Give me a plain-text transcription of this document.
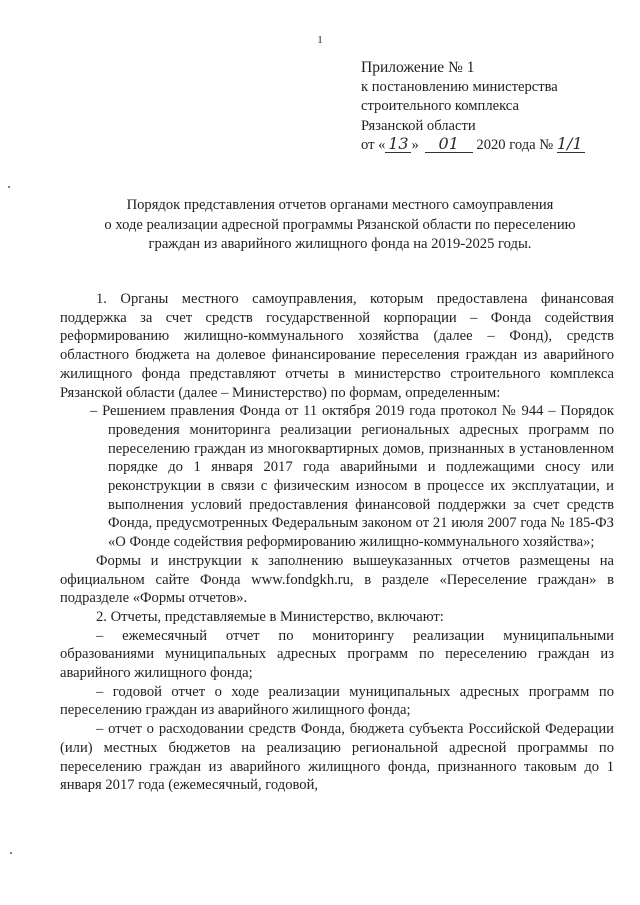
1
Приложение № 1
к постановлению министерства
строительного комплекса
Рязанской области
от « 13 » 01 2020 года № 1/1
Порядок представления отчетов органами местного самоуправления
о ходе реализации адресной программы Рязанской области по переселению
граждан из аварийного жилищного фонда на 2019-2025 годы.

1. Органы местного самоуправления, которым предоставлена финансовая поддержка за счет средств государственной корпорации – Фонда содействия реформированию жилищно-коммунального хозяйства (далее – Фонд), средств областного бюджета на долевое финансирование переселения граждан из аварийного жилищного фонда представляют отчеты в министерство строительного комплекса Рязанской области (далее – Министерство) по формам, определенным:

– Решением правления Фонда от 11 октября 2019 года протокол № 944 – Порядок проведения мониторинга реализации региональных адресных программ по переселению граждан из многоквартирных домов, признанных в установленном порядке до 1 января 2017 года аварийными и подлежащими сносу или реконструкции в связи с физическим износом в процессе их эксплуатации, и выполнения условий предоставления финансовой поддержки за счет средств Фонда, предусмотренных Федеральным законом от 21 июля 2007 года № 185-ФЗ «О Фонде содействия реформированию жилищно-коммунального хозяйства»;

Формы и инструкции к заполнению вышеуказанных отчетов размещены на официальном сайте Фонда www.fondgkh.ru, в разделе «Переселение граждан» в подразделе «Формы отчетов».

2. Отчеты, представляемые в Министерство, включают:

– ежемесячный отчет по мониторингу реализации муниципальными образованиями муниципальных адресных программ по переселению граждан из аварийного жилищного фонда;

– годовой отчет о ходе реализации муниципальных адресных программ по переселению граждан из аварийного жилищного фонда;

– отчет о расходовании средств Фонда, бюджета субъекта Российской Федерации (или) местных бюджетов на реализацию региональной адресной программы по переселению граждан из аварийного жилищного фонда, признанного таковым до 1 января 2017 года (ежемесячный, годовой,
